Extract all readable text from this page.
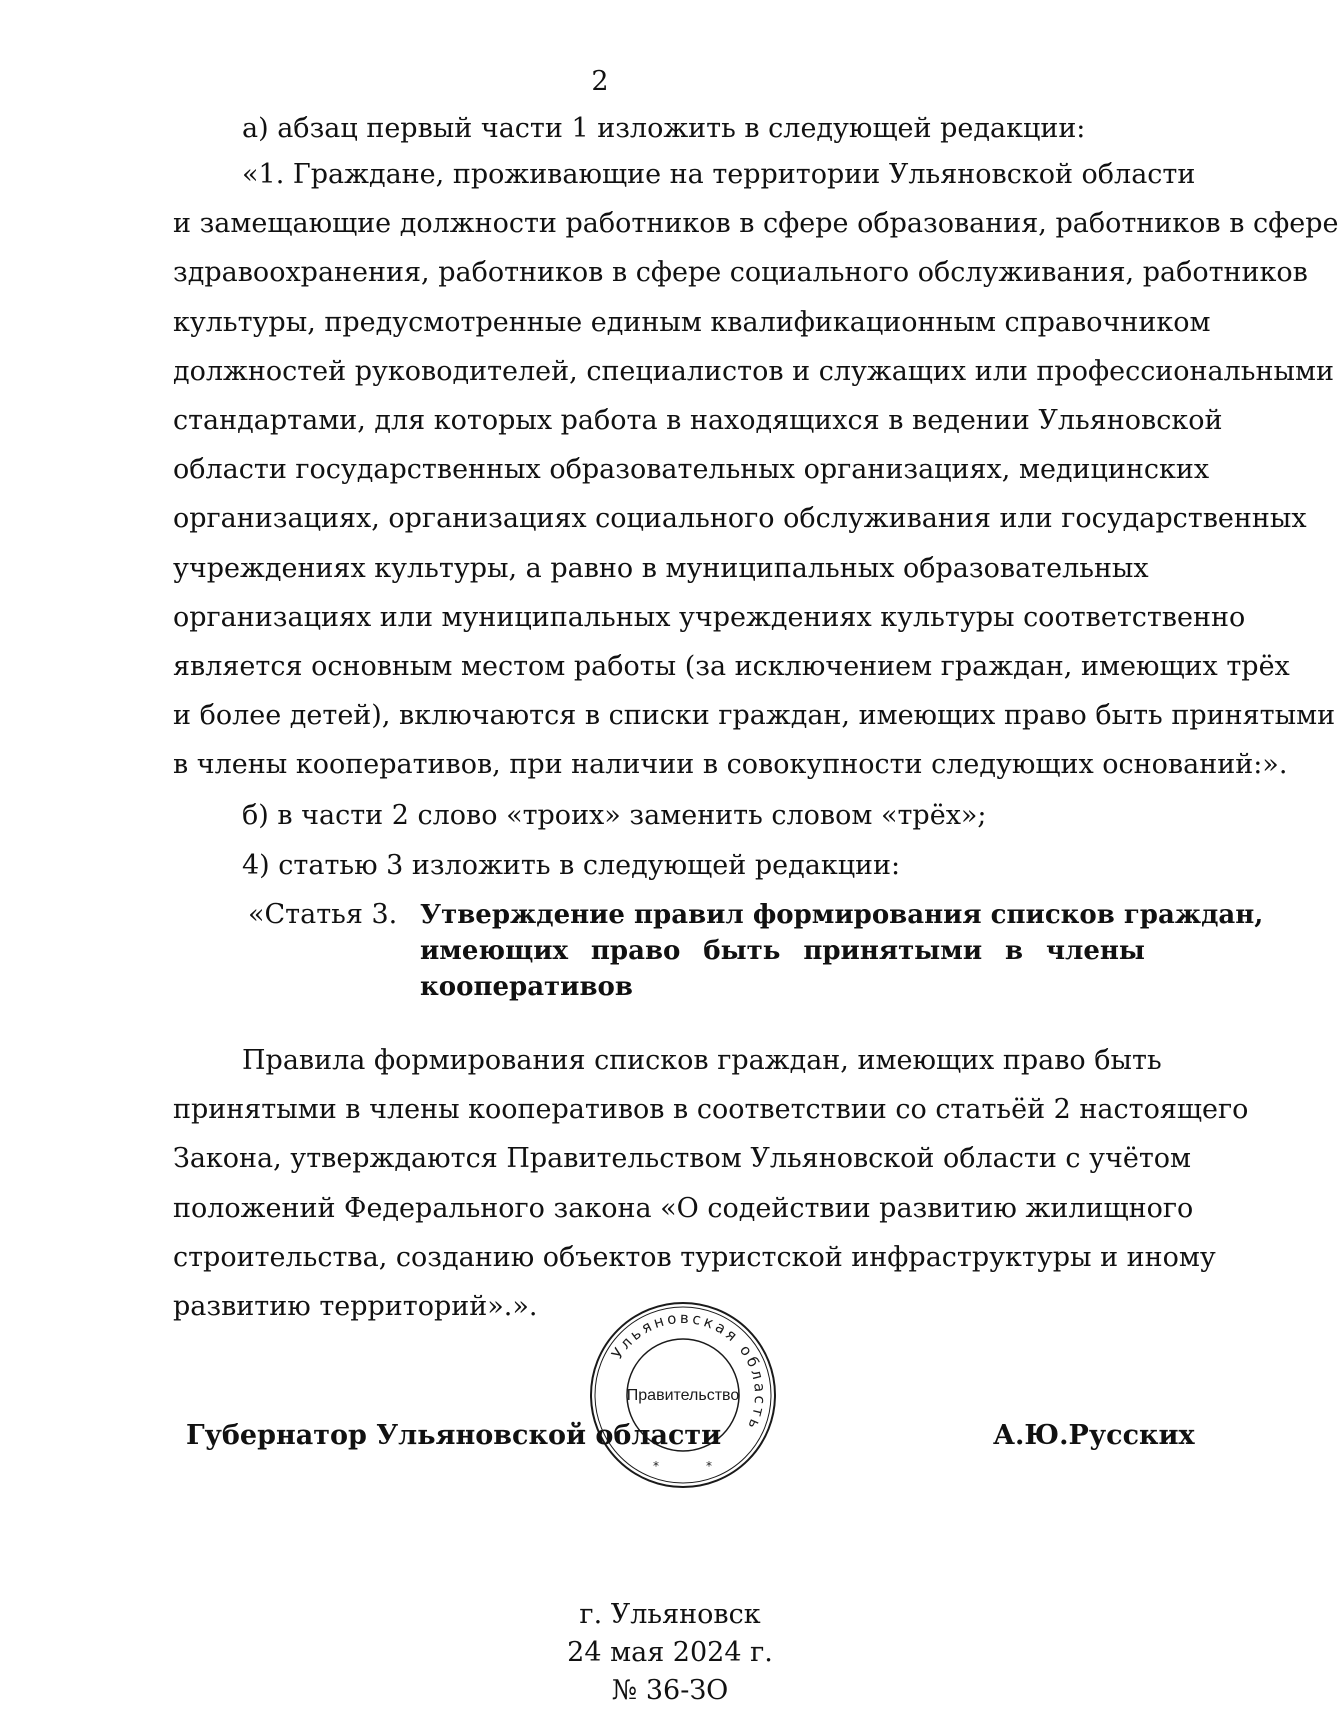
2
а) абзац первый части 1 изложить в следующей редакции:
«1. Граждане, проживающие на территории Ульяновской области
и замещающие должности работников в сфере образования, работников в сфере
здравоохранения, работников в сфере социального обслуживания, работников
культуры, предусмотренные единым квалификационным справочником
должностей руководителей, специалистов и служащих или профессиональными
стандартами, для которых работа в находящихся в ведении Ульяновской
области государственных образовательных организациях, медицинских
организациях, организациях социального обслуживания или государственных
учреждениях культуры, а равно в муниципальных образовательных
организациях или муниципальных учреждениях культуры соответственно
является основным местом работы (за исключением граждан, имеющих трёх
и более детей), включаются в списки граждан, имеющих право быть принятыми
в члены кооперативов, при наличии в совокупности следующих оснований:».
б) в части 2 слово «троих» заменить словом «трёх»;
4) статью 3 изложить в следующей редакции:
«Статья 3. Утверждение правил формирования списков граждан,
имеющих право быть принятыми в члены
кооперативов
Правила формирования списков граждан, имеющих право быть
принятыми в члены кооперативов в соответствии со статьёй 2 настоящего
Закона, утверждаются Правительством Ульяновской области с учётом
положений Федерального закона «О содействии развитию жилищного
строительства, созданию объектов туристской инфраструктуры и иному
развитию территорий».».
Ульяновская область
Правительство
*	*
Губернатор Ульяновской области	А.Ю.Русских
г. Ульяновск
24 мая 2024 г.
№ 36-ЗО
